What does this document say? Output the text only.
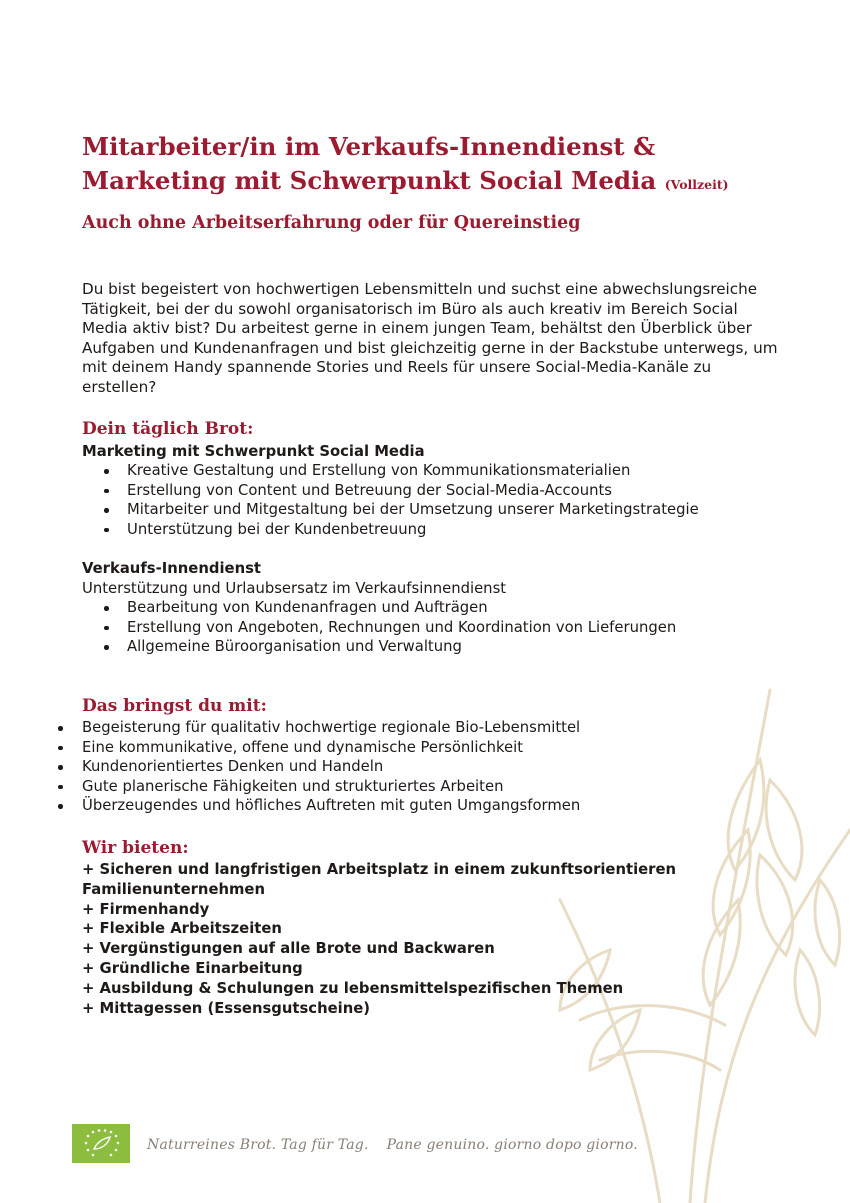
Mitarbeiter/in im Verkaufs-Innendienst &
Marketing mit Schwerpunkt Social Media (Vollzeit)
Auch ohne Arbeitserfahrung oder für Quereinstieg

Du bist begeistert von hochwertigen Lebensmitteln und suchst eine abwechslungsreiche Tätigkeit, bei der du sowohl organisatorisch im Büro als auch kreativ im Bereich Social Media aktiv bist? Du arbeitest gerne in einem jungen Team, behältst den Überblick über Aufgaben und Kundenanfragen und bist gleichzeitig gerne in der Backstube unterwegs, um mit deinem Handy spannende Stories und Reels für unsere Social-Media-Kanäle zu erstellen?

Dein täglich Brot:

Marketing mit Schwerpunkt Social Media

Kreative Gestaltung und Erstellung von Kommunikationsmaterialien
Erstellung von Content und Betreuung der Social-Media-Accounts
Mitarbeiter und Mitgestaltung bei der Umsetzung unserer Marketingstrategie
Unterstützung bei der Kundenbetreuung

Verkaufs-Innendienst

Unterstützung und Urlaubsersatz im Verkaufsinnendienst

Bearbeitung von Kundenanfragen und Aufträgen
Erstellung von Angeboten, Rechnungen und Koordination von Lieferungen
Allgemeine Büroorganisation und Verwaltung
Das bringst du mit:
Begeisterung für qualitativ hochwertige regionale Bio-Lebensmittel
Eine kommunikative, offene und dynamische Persönlichkeit
Kundenorientiertes Denken und Handeln
Gute planerische Fähigkeiten und strukturiertes Arbeiten
Überzeugendes und höfliches Auftreten mit guten Umgangsformen
Wir bieten:
+ Sicheren und langfristigen Arbeitsplatz in einem zukunftsorientieren Familienunternehmen
+ Firmenhandy
+ Flexible Arbeitszeiten
+ Vergünstigungen auf alle Brote und Backwaren
+ Gründliche Einarbeitung
+ Ausbildung & Schulungen zu lebensmittelspezifischen Themen
+ Mittagessen (Essensgutscheine)
Naturreines Brot. Tag für Tag. Pane genuino. giorno dopo giorno.
